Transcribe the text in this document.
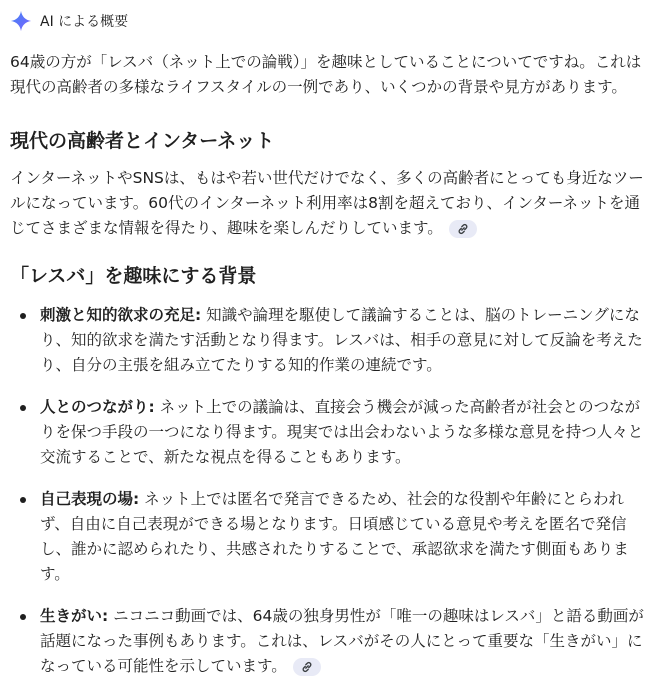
AI による概要

64歳の方が「レスバ（ネット上での論戦）」を趣味としていることについてですね。これは現代の高齢者の多様なライフスタイルの一例であり、いくつかの背景や見方があります。

現代の高齢者とインターネット

インターネットやSNSは、もはや若い世代だけでなく、多くの高齢者にとっても身近なツールになっています。60代のインターネット利用率は8割を超えており、インターネットを通じてさまざまな情報を得たり、趣味を楽しんだりしています。

「レスバ」を趣味にする背景
刺激と知的欲求の充足: 知識や論理を駆使して議論することは、脳のトレーニングになり、知的欲求を満たす活動となり得ます。レスバは、相手の意見に対して反論を考えたり、自分の主張を組み立てたりする知的作業の連続です。
人とのつながり: ネット上での議論は、直接会う機会が減った高齢者が社会とのつながりを保つ手段の一つになり得ます。現実では出会わないような多様な意見を持つ人々と交流することで、新たな視点を得ることもあります。
自己表現の場: ネット上では匿名で発言できるため、社会的な役割や年齢にとらわれず、自由に自己表現ができる場となります。日頃感じている意見や考えを匿名で発信し、誰かに認められたり、共感されたりすることで、承認欲求を満たす側面もあります。
生きがい: ニコニコ動画では、64歳の独身男性が「唯一の趣味はレスバ」と語る動画が話題になった事例もあります。これは、レスバがその人にとって重要な「生きがい」になっている可能性を示しています。
